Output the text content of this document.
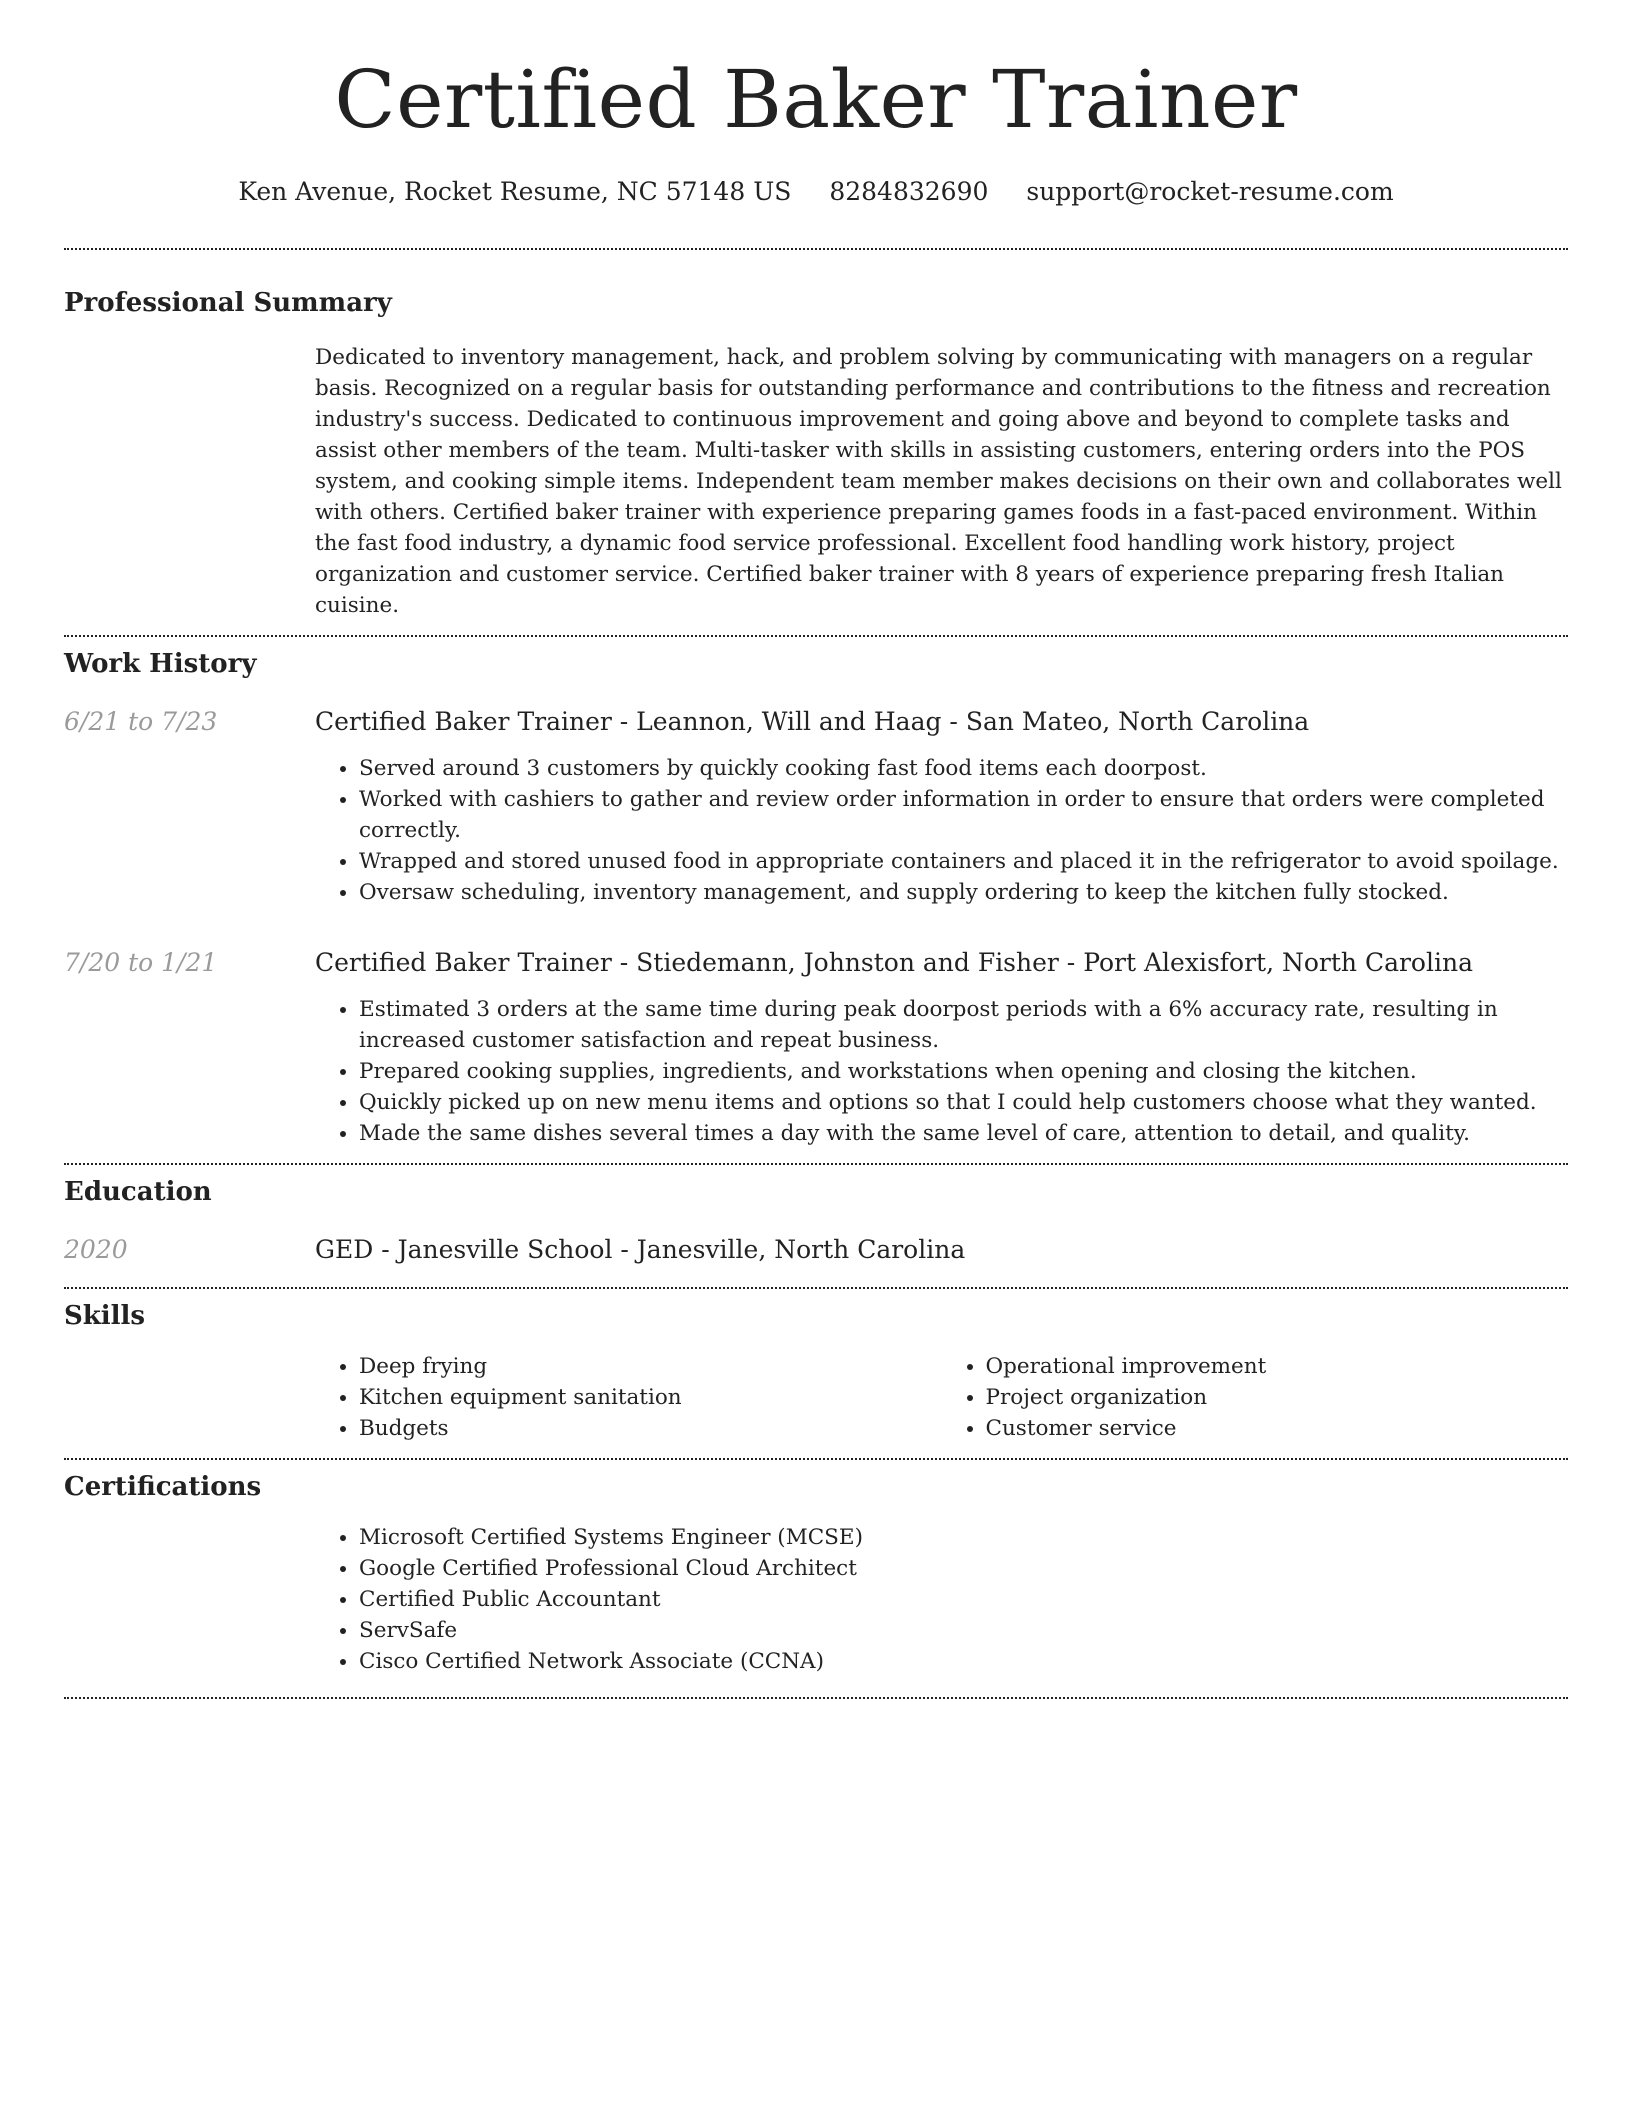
Certified Baker Trainer
Ken Avenue, Rocket Resume, NC 57148 US 8284832690 support@rocket-resume.com
Professional Summary
Dedicated to inventory management, hack, and problem solving by communicating with managers on a regular basis. Recognized on a regular basis for outstanding performance and contributions to the fitness and recreation industry's success. Dedicated to continuous improvement and going above and beyond to complete tasks and assist other members of the team. Multi-tasker with skills in assisting customers, entering orders into the POS system, and cooking simple items. Independent team member makes decisions on their own and collaborates well with others. Certified baker trainer with experience preparing games foods in a fast-paced environment. Within the fast food industry, a dynamic food service professional. Excellent food handling work history, project organization and customer service. Certified baker trainer with 8 years of experience preparing fresh Italian cuisine.
Work History
6/21 to 7/23	Certified Baker Trainer - Leannon, Will and Haag - San Mateo, North Carolina
• Served around 3 customers by quickly cooking fast food items each doorpost.
• Worked with cashiers to gather and review order information in order to ensure that orders were completed correctly.
• Wrapped and stored unused food in appropriate containers and placed it in the refrigerator to avoid spoilage.
• Oversaw scheduling, inventory management, and supply ordering to keep the kitchen fully stocked.
7/20 to 1/21	Certified Baker Trainer - Stiedemann, Johnston and Fisher - Port Alexisfort, North Carolina
• Estimated 3 orders at the same time during peak doorpost periods with a 6% accuracy rate, resulting in increased customer satisfaction and repeat business.
• Prepared cooking supplies, ingredients, and workstations when opening and closing the kitchen.
• Quickly picked up on new menu items and options so that I could help customers choose what they wanted.
• Made the same dishes several times a day with the same level of care, attention to detail, and quality.
Education
2020	GED - Janesville School - Janesville, North Carolina
Skills
• Deep frying
• Kitchen equipment sanitation
• Budgets
• Operational improvement
• Project organization
• Customer service
Certifications
• Microsoft Certified Systems Engineer (MCSE)
• Google Certified Professional Cloud Architect
• Certified Public Accountant
• ServSafe
• Cisco Certified Network Associate (CCNA)
